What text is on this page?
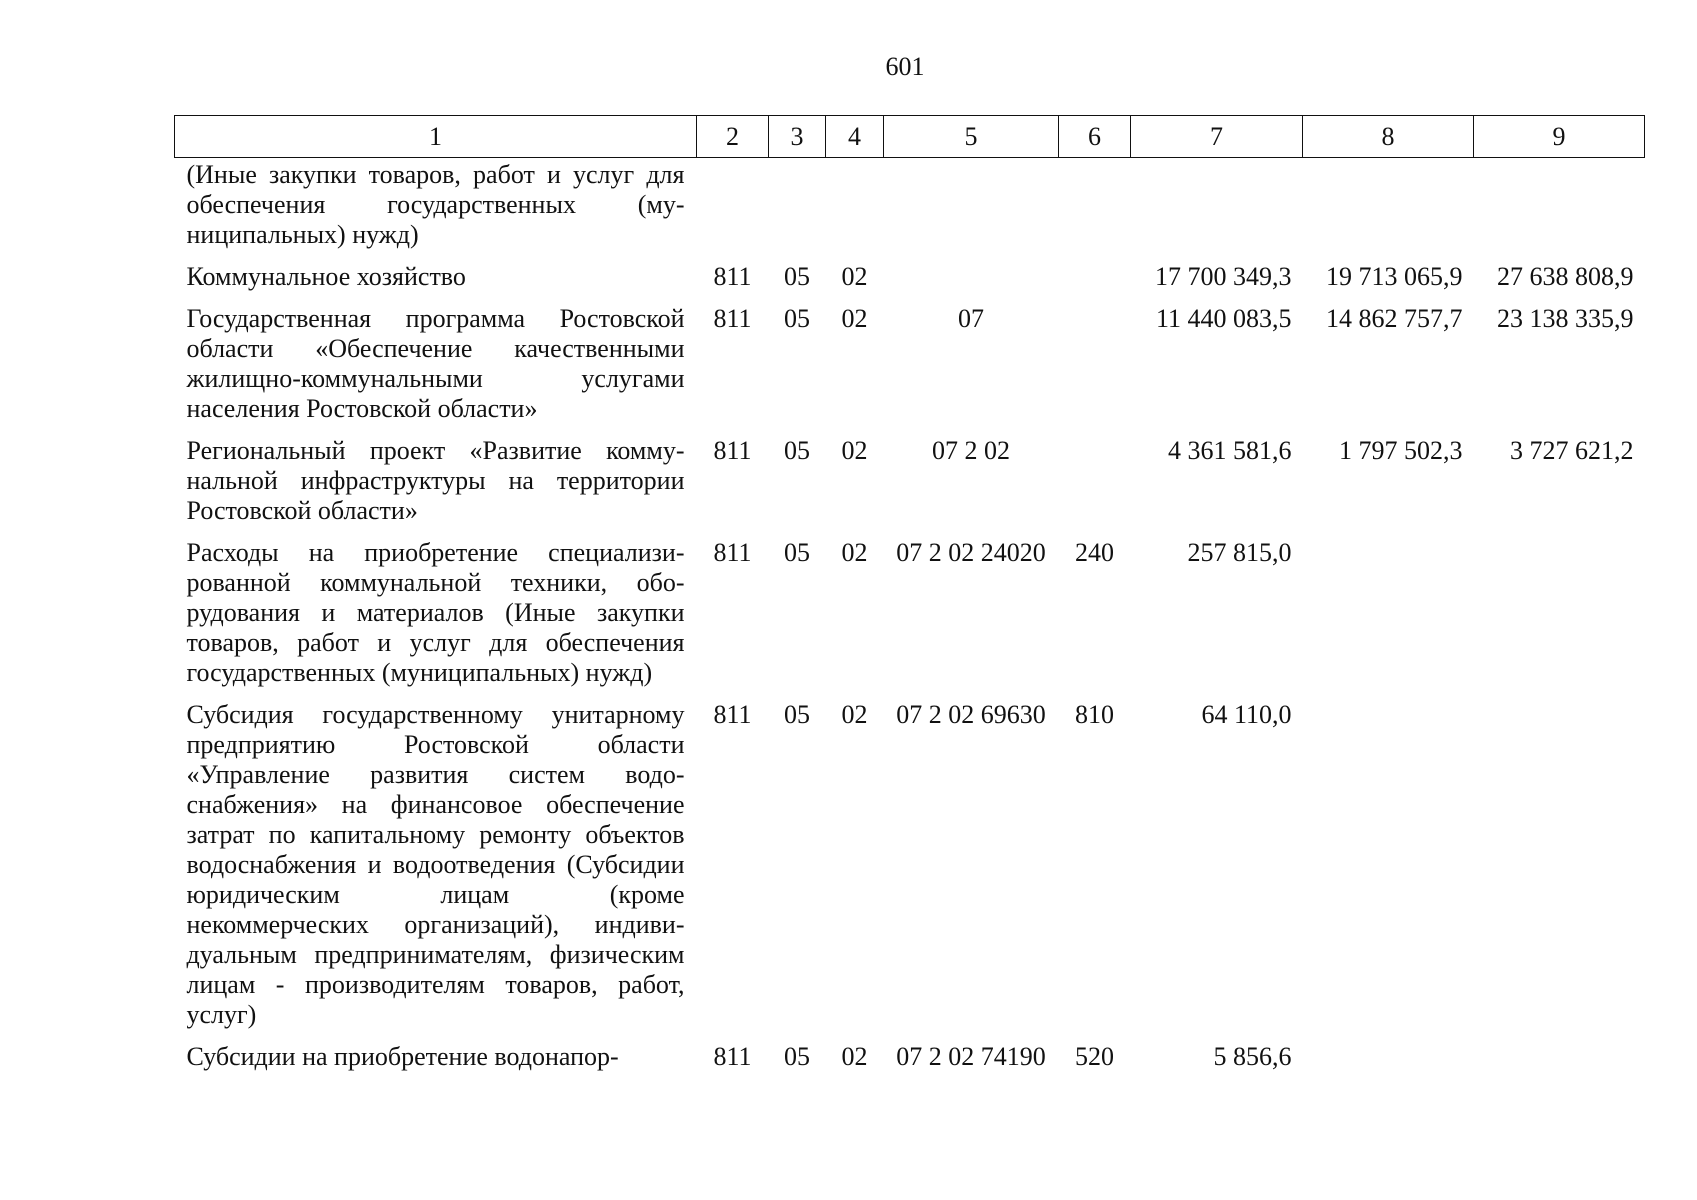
601
1	2	3	4	5	6	7	8	9
(Иные закупки товаров, работ и услуг для обеспечения государственных (муниципальных) нужд)								
Коммунальное хозяйство	811	05	02			17 700 349,3	19 713 065,9	27 638 808,9
Государственная программа Ростовской области «Обеспечение качественными жилищно-коммунальными услугами населения Ростовской области»	811	05	02	07		11 440 083,5	14 862 757,7	23 138 335,9
Региональный проект «Развитие коммунальной инфраструктуры на территории Ростовской области»	811	05	02	07 2 02		4 361 581,6	1 797 502,3	3 727 621,2
Расходы на приобретение специализированной коммунальной техники, оборудования и материалов (Иные закупки товаров, работ и услуг для обеспечения государственных (муниципальных) нужд)	811	05	02	07 2 02 24020	240	257 815,0		
Субсидия государственному унитарному предприятию Ростовской области «Управление развития систем водоснабжения» на финансовое обеспечение затрат по капитальному ремонту объектов водоснабжения и водоотведения (Субсидии юридическим лицам (кроме некоммерческих организаций), индивидуальным предпринимателям, физическим лицам - производителям товаров, работ, услуг)	811	05	02	07 2 02 69630	810	64 110,0		
Субсидии на приобретение водонапор-	811	05	02	07 2 02 74190	520	5 856,6		
